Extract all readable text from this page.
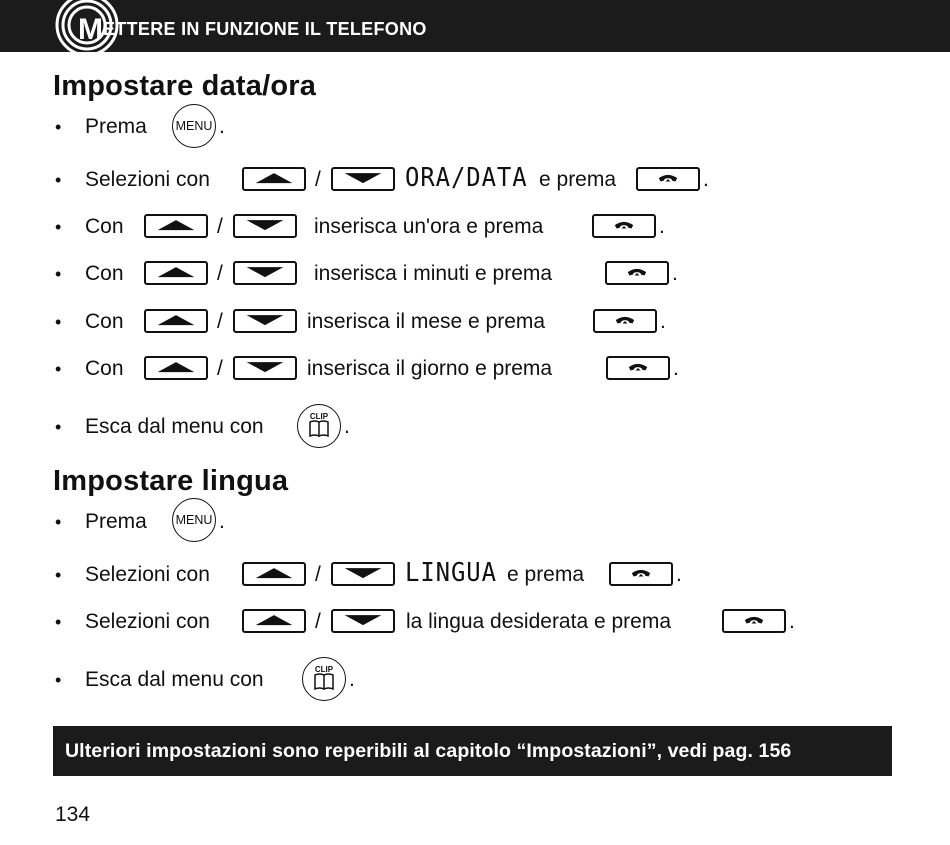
METTERE IN FUNZIONE IL TELEFONO
Impostare data/ora
• Prema MENU .
• Selezioni con	/	ORA/DATA e prema	.
• Con	/	inserisca un'ora e prema	.
• Con	/	inserisca i minuti e prema	.
• Con	/	inserisca il mese e prema	.
• Con	/	inserisca il giorno e prema	.
• Esca dal menu con	CLIP .
Impostare lingua
• Prema MENU .
• Selezioni con	/	LINGUA e prema	.
• Selezioni con	/	la lingua desiderata e prema	.
• Esca dal menu con	CLIP .
Ulteriori impostazioni sono reperibili al capitolo “Impostazioni”, vedi pag. 156
134
